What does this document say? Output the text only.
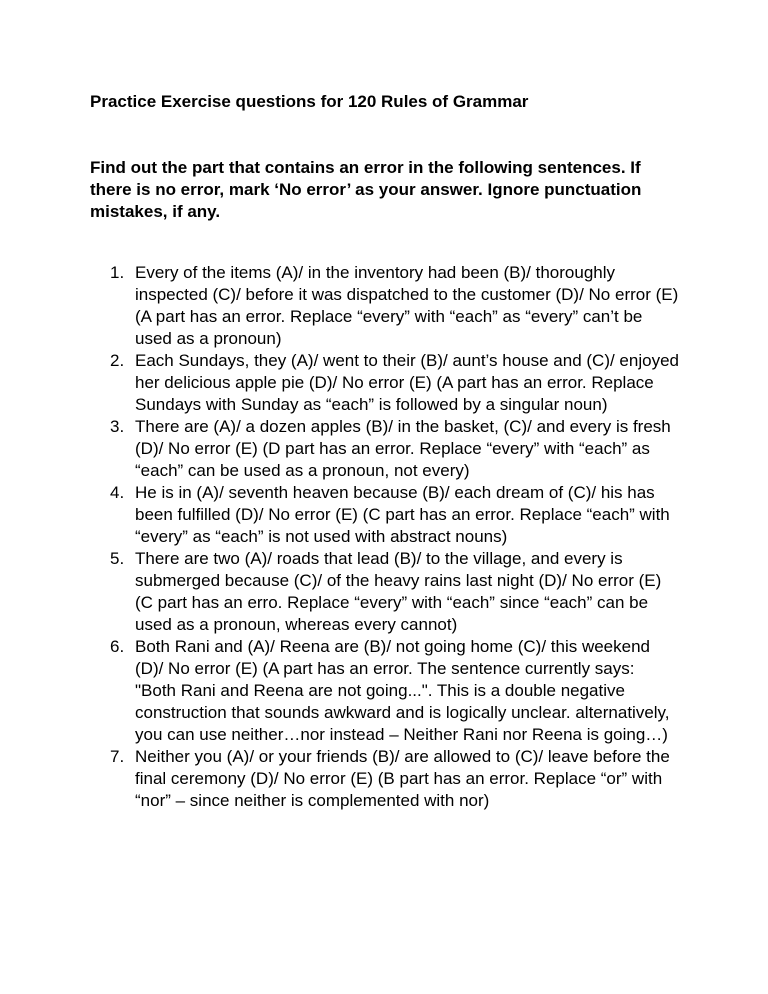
Practice Exercise questions for 120 Rules of Grammar

Find out the part that contains an error in the following sentences. If there is no error, mark ‘No error’ as your answer. Ignore punctuation mistakes, if any.

1. Every of the items (A)/ in the inventory had been (B)/ thoroughly inspected (C)/ before it was dispatched to the customer (D)/ No error (E) (A part has an error. Replace “every” with “each” as “every” can’t be used as a pronoun)
2. Each Sundays, they (A)/ went to their (B)/ aunt’s house and (C)/ enjoyed her delicious apple pie (D)/ No error (E) (A part has an error. Replace Sundays with Sunday as “each” is followed by a singular noun)
3. There are (A)/ a dozen apples (B)/ in the basket, (C)/ and every is fresh (D)/ No error (E) (D part has an error. Replace “every” with “each” as “each” can be used as a pronoun, not every)
4. He is in (A)/ seventh heaven because (B)/ each dream of (C)/ his has been fulfilled (D)/ No error (E) (C part has an error. Replace “each” with “every” as “each” is not used with abstract nouns)
5. There are two (A)/ roads that lead (B)/ to the village, and every is submerged because (C)/ of the heavy rains last night (D)/ No error (E) (C part has an erro. Replace “every” with “each” since “each” can be used as a pronoun, whereas every cannot)
6. Both Rani and (A)/ Reena are (B)/ not going home (C)/ this weekend (D)/ No error (E) (A part has an error. The sentence currently says: "Both Rani and Reena are not going...". This is a double negative construction that sounds awkward and is logically unclear. alternatively, you can use neither…nor instead – Neither Rani nor Reena is going…)
7. Neither you (A)/ or your friends (B)/ are allowed to (C)/ leave before the final ceremony (D)/ No error (E) (B part has an error. Replace “or” with “nor” – since neither is complemented with nor)
